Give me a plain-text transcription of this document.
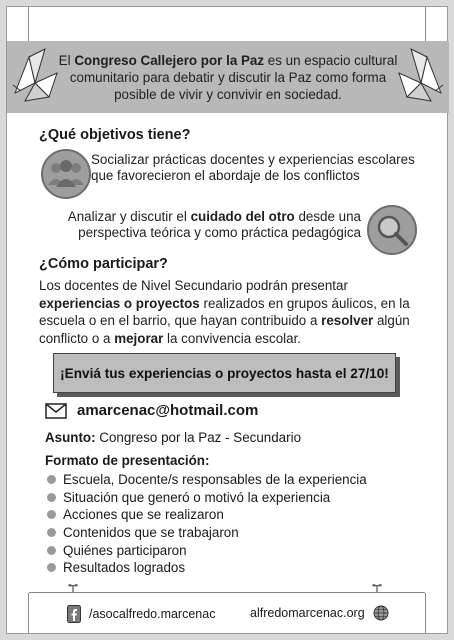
El Congreso Callejero por la Paz es un espacio cultural comunitario para debatir y discutir la Paz como forma posible de vivir y convivir en sociedad.
¿Qué objetivos tiene?
Socializar prácticas docentes y experiencias escolares que favorecieron el abordaje de los conflictos
Analizar y discutir el cuidado del otro desde una perspectiva teórica y como práctica pedagógica
¿Cómo participar?
Los docentes de Nivel Secundario podrán presentar experiencias o proyectos realizados en grupos áulicos, en la escuela o en el barrio, que hayan contribuido a resolver algún conflicto o a mejorar la convivencia escolar.
¡Enviá tus experiencias o proyectos hasta el 27/10!
amarcenac@hotmail.com
Asunto: Congreso por la Paz - Secundario
Formato de presentación:
Escuela, Docente/s responsables de la experiencia
Situación que generó o motivó la experiencia
Acciones que se realizaron
Contenidos que se trabajaron
Quiénes participaron
Resultados logrados
/asocalfredo.marcenac	alfredomarcenac.org
